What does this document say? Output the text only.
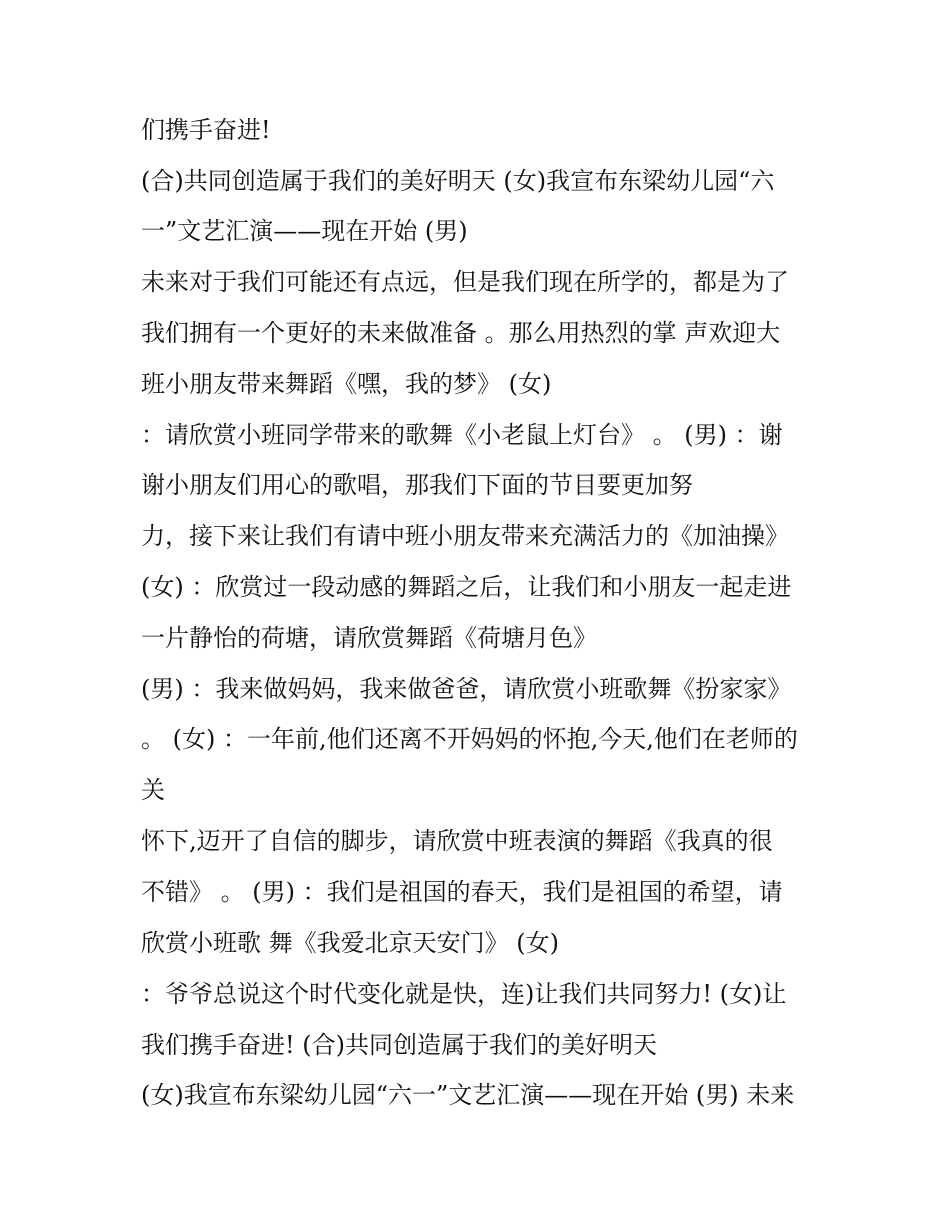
们携手奋进!
(合)共同创造属于我们的美好明天 (女)我宣布东梁幼儿园“六
一”文艺汇演——现在开始 (男)
未来对于我们可能还有点远，但是我们现在所学的，都是为了
我们拥有一个更好的未来做准备 。那么用热烈的掌 声欢迎大
班小朋友带来舞蹈《嘿，我的梦》 (女)
：请欣赏小班同学带来的歌舞《小老鼠上灯台》 。 (男) ：谢
谢小朋友们用心的歌唱，那我们下面的节目要更加努
力，接下来让我们有请中班小朋友带来充满活力的《加油操》
(女) ：欣赏过一段动感的舞蹈之后，让我们和小朋友一起走进
一片静怡的荷塘，请欣赏舞蹈《荷塘月色》
(男) ：我来做妈妈，我来做爸爸，请欣赏小班歌舞《扮家家》
。 (女) ：一年前,他们还离不开妈妈的怀抱,今天,他们在老师的
关
怀下,迈开了自信的脚步，请欣赏中班表演的舞蹈《我真的很
不错》 。 (男) ：我们是祖国的春天，我们是祖国的希望，请
欣赏小班歌 舞《我爱北京天安门》 (女)
：爷爷总说这个时代变化就是快，连)让我们共同努力! (女)让
我们携手奋进! (合)共同创造属于我们的美好明天
(女)我宣布东梁幼儿园“六一”文艺汇演——现在开始 (男) 未来
